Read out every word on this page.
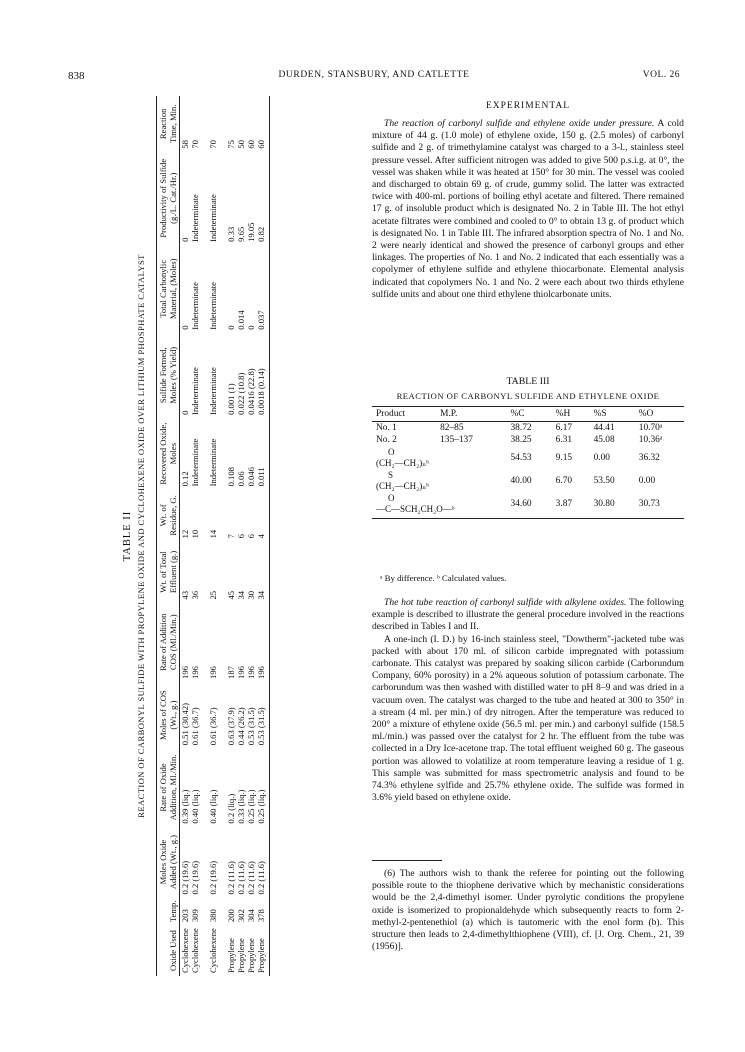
838	DURDEN, STANSBURY, AND CATLETTE	VOL. 26
TABLE II REACTION OF CARBONYL SULFIDE WITH PROPYLENE OXIDE AND CYCLOHEXENE OXIDE OVER LITHIUM PHOSPHATE CATALYST
Oxide Used	Temp.	Moles Oxide Added (Wt., g.)	Rate of Oxide Addition, Ml./Min.	Moles of COS (Wt., g.)	Rate of Addition COS (Ml./Min.)	Wt. of Total Effluent (g.)	Wt. of Residue, G.	Recovered Oxide, Moles	Sulfide Formed, Moles (% Yield)	Total Carbonylic Material, (Moles)	Productivity of Sulfide (g./L. Cat./Hr.)	Reaction Time, Min.
Cyclohexene	203	0.2 (19.6)	0.39 (liq.)	0.51 (30.42)	196	43	12	0.12	0	0	0	58
Cyclohexene	309	0.2 (19.6)	0.40 (liq.)	0.61 (36.7)	196	36	10	Indeterminate	Indeterminate	Indeterminate	Indeterminate	70
Cyclohexene	380	0.2 (19.6)	0.40 (liq.)	0.61 (36.7)	196	25	14	Indeterminate	Indeterminate	Indeterminate	Indeterminate	70
Propylene	200	0.2 (11.6)	0.2 (liq.)	0.63 (37.9)	187	45	7	0.108	0.001 (1)	0	0.33	75
Propylene	302	0.2 (11.6)	0.33 (liq.)	0.44 (26.2)	196	34	6	0.06	0.022 (10.8)	0.014	9.65	50
Propylene	304	0.2 (11.6)	0.25 (liq.)	0.53 (31.5)	196	30	6	0.046	0.0416 (22.8)	0	19.05	60
Propylene	378	0.2 (11.6)	0.25 (liq.)	0.53 (31.5)	196	34	4	0.011	0.0018 (0.14)	0.037	0.82	60
EXPERIMENTAL

The reaction of carbonyl sulfide and ethylene oxide under pressure. A cold mixture of 44 g. (1.0 mole) of ethylene oxide, 150 g. (2.5 moles) of carbonyl sulfide and 2 g. of trimethylamine catalyst was charged to a 3-l., stainless steel pressure vessel. After sufficient nitrogen was added to give 500 p.s.i.g. at 0°, the vessel was shaken while it was heated at 150° for 30 min. The vessel was cooled and discharged to obtain 69 g. of crude, gummy solid. The latter was extracted twice with 400-ml. portions of boiling ethyl acetate and filtered. There remained 17 g. of insoluble product which is designated No. 2 in Table III. The hot ethyl acetate filtrates were combined and cooled to 0° to obtain 13 g. of product which is designated No. 1 in Table III. The infrared absorption spectra of No. 1 and No. 2 were nearly identical and showed the presence of carbonyl groups and ether linkages. The properties of No. 1 and No. 2 indicated that each essentially was a copolymer of ethylene sulfide and ethylene thiocarbonate. Elemental analysis indicated that copolymers No. 1 and No. 2 were each about two thirds ethylene sulfide units and about one third ethylene thiolcarbonate units.

TABLE III
REACTION OF CARBONYL SULFIDE AND ETHYLENE OXIDE
Product	M.P.	%C	%H	%S	%O
No. 1	82–85	38.72	6.17	44.41	10.70ᵃ
No. 2	135–137	38.25	6.31	45.08	10.36ᵃ

O
(CH₂—CH₂)ₙᵇ		54.53	9.15	0.00	36.32

S
(CH₂—CH₂)ₙᵇ		40.00	6.70	53.50	0.00

O
—C—SCH₂CH₂O—ᵇ		34.60	3.87	30.80	30.73
ᵃ By difference. ᵇ Calculated values.

The hot tube reaction of carbonyl sulfide with alkylene oxides. The following example is described to illustrate the general procedure involved in the reactions described in Tables I and II.

A one-inch (I. D.) by 16-inch stainless steel, "Dowtherm"-jacketed tube was packed with about 170 ml. of silicon carbide impregnated with potassium carbonate. This catalyst was prepared by soaking silicon carbide (Carborundum Company, 60% porosity) in a 2% aqueous solution of potassium carbonate. The carborundum was then washed with distilled water to pH 8–9 and was dried in a vacuum oven. The catalyst was charged to the tube and heated at 300 to 350° in a stream (4 ml. per min.) of dry nitrogen. After the temperature was reduced to 200° a mixture of ethylene oxide (56.5 ml. per min.) and carbonyl sulfide (158.5 ml./min.) was passed over the catalyst for 2 hr. The effluent from the tube was collected in a Dry Ice-acetone trap. The total effluent weighed 60 g. The gaseous portion was allowed to volatilize at room temperature leaving a residue of 1 g. This sample was submitted for mass spectrometric analysis and found to be 74.3% ethylene sylfide and 25.7% ethylene oxide. The sulfide was formed in 3.6% yield based on ethylene oxide.

(6) The authors wish to thank the referee for pointing out the following possible route to the thiophene derivative which by mechanistic considerations would be the 2,4-dimethyl isomer. Under pyrolytic conditions the propylene oxide is isomerized to propionaldehyde which subsequently reacts to form 2-methyl-2-pentenethiol (a) which is tautomeric with the enol form (b). This structure then leads to 2,4-dimethylthiophene (VIII), cf. [J. Org. Chem., 21, 39 (1956)].
